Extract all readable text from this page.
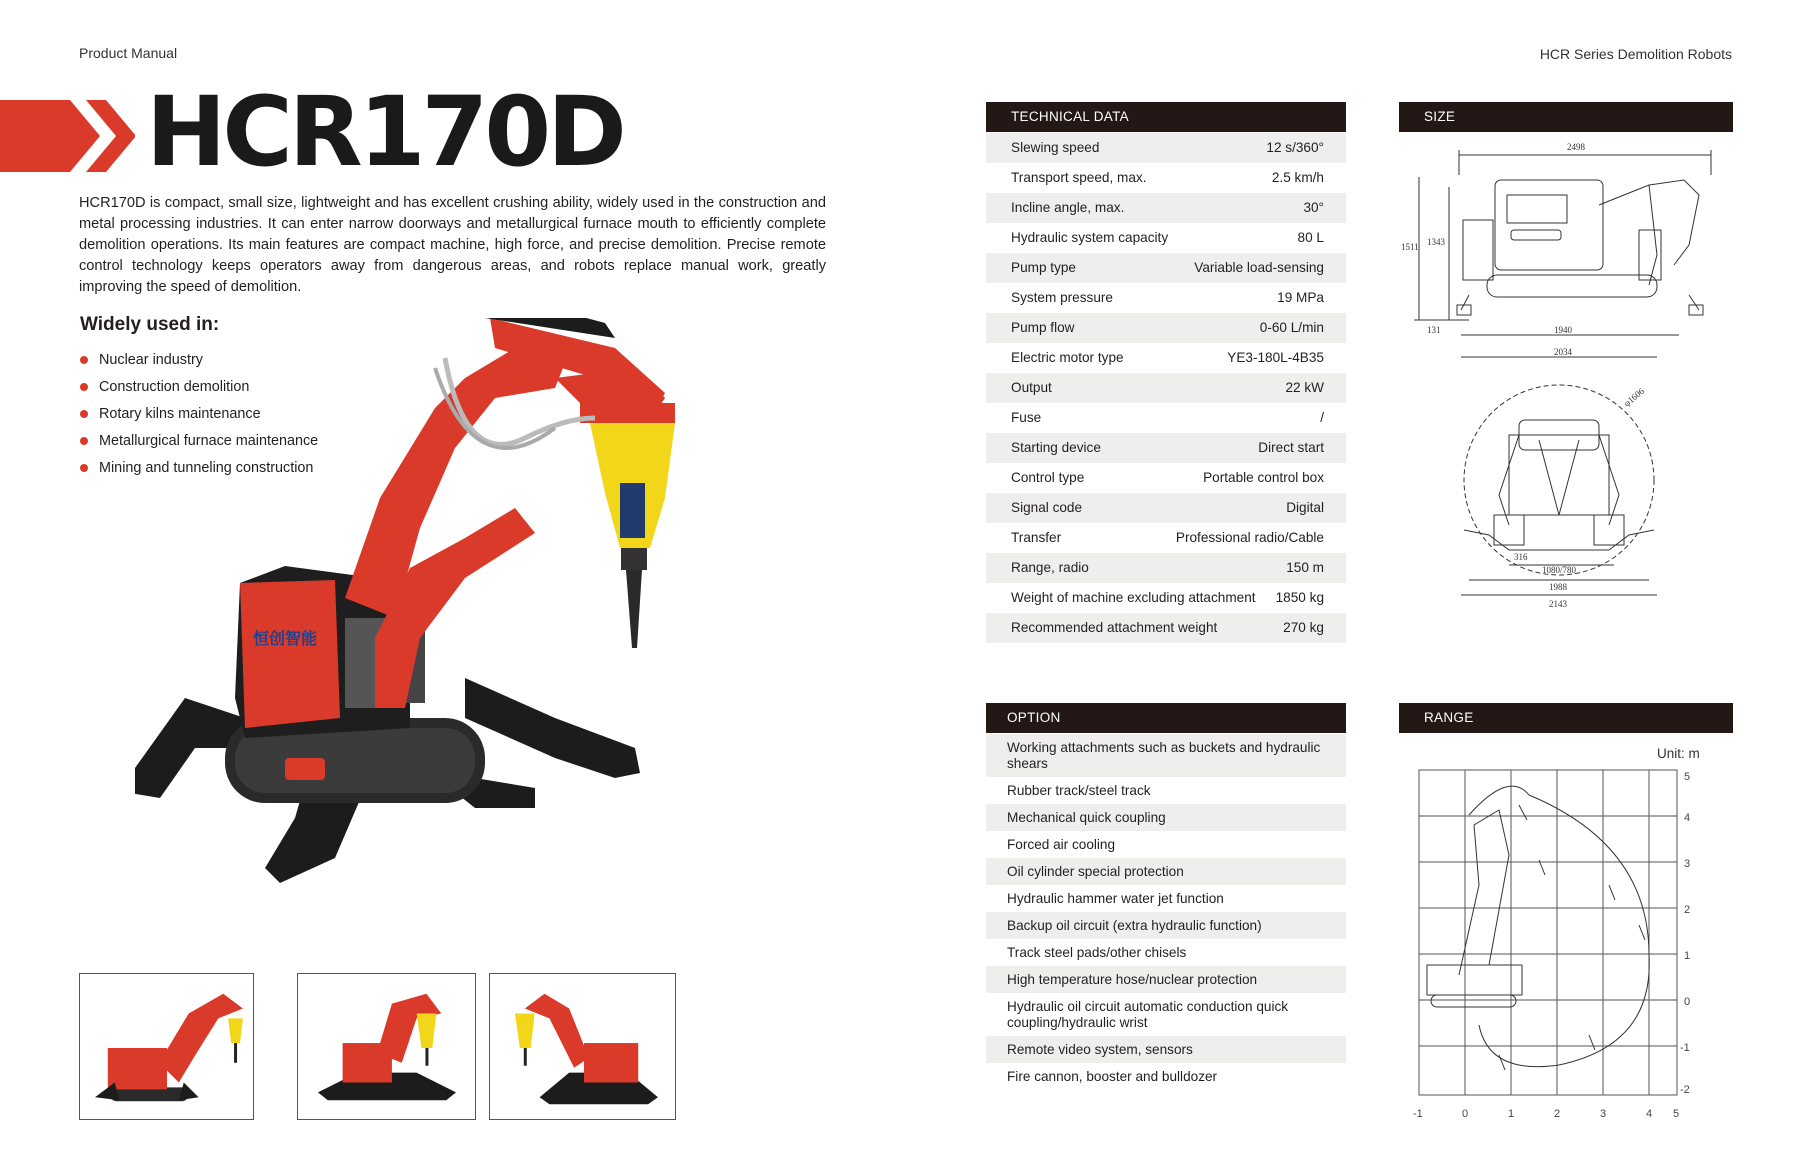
Product Manual	HCR Series Demolition Robots
HCR170D

HCR170D is compact, small size, lightweight and has excellent crushing ability, widely used in the construction and metal processing industries. It can enter narrow doorways and metallurgical furnace mouth to efficiently complete demolition operations. Its main features are compact machine, high force, and precise demolition. Precise remote control technology keeps operators away from dangerous areas, and robots replace manual work, greatly improving the speed of demolition.

Widely used in:
Nuclear industry
Construction demolition
Rotary kilns maintenance
Metallurgical furnace maintenance
Mining and tunneling construction
恒创智能
TECHNICAL DATA
Slewing speed	12 s/360°
Transport speed, max.	2.5 km/h
Incline angle, max.	30°
Hydraulic system capacity	80 L
Pump type	Variable load-sensing
System pressure	19 MPa
Pump flow	0-60 L/min
Electric motor type	YE3-180L-4B35
Output	22 kW
Fuse	/
Starting device	Direct start
Control type	Portable control box
Signal code	Digital
Transfer	Professional radio/Cable
Range, radio	150 m
Weight of machine excluding attachment 1850 kg
Recommended attachment weight	270 kg
SIZE
2498
1511 1343
131	1940
2034
φ1606
316
1080/780
1988
2143
OPTION
Working attachments such as buckets and hydraulic shears
Rubber track/steel track
Mechanical quick coupling
Forced air cooling
Oil cylinder special protection
Hydraulic hammer water jet function
Backup oil circuit (extra hydraulic function)
Track steel pads/other chisels
High temperature hose/nuclear protection
Hydraulic oil circuit automatic conduction quick coupling/hydraulic wrist
Remote video system, sensors
Fire cannon, booster and bulldozer
RANGE
Unit: m
-1	0	1	2	3	4 5
5
4
3
2
1
0
-1
-2
